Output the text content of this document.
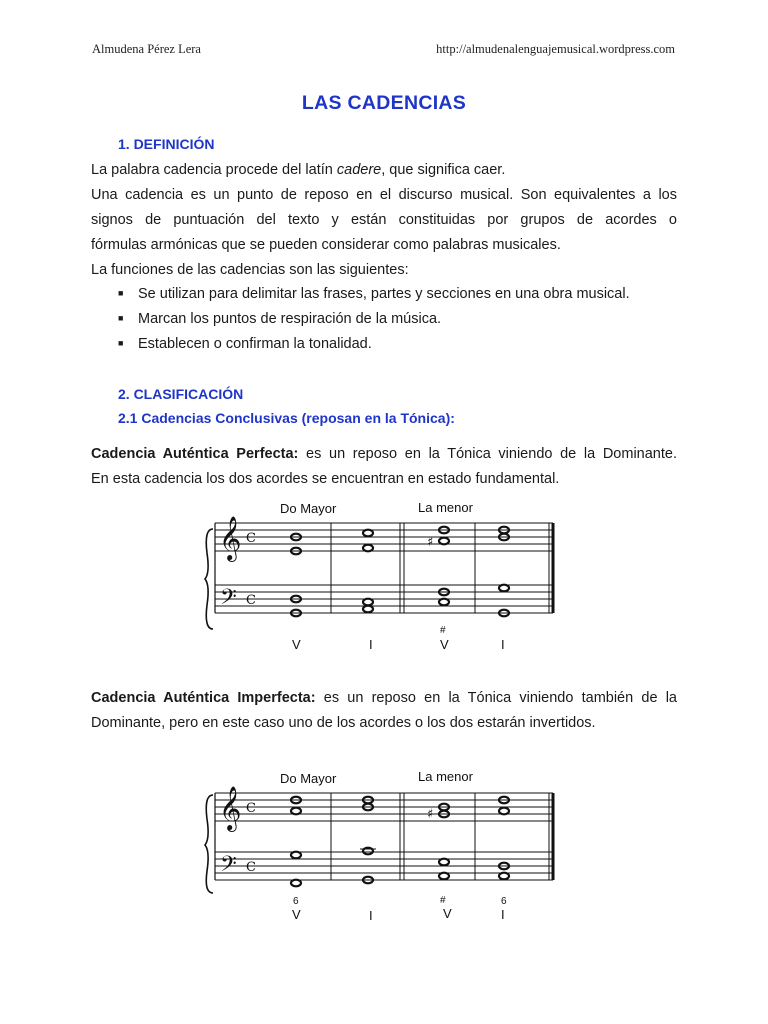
Almudena Pérez Lera	http://almudenalenguajemusical.wordpress.com
LAS CADENCIAS
1. DEFINICIÓN
La palabra cadencia procede del latín cadere, que significa caer.
Una cadencia es un punto de reposo en el discurso musical. Son equivalentes a los
signos de puntuación del texto y están constituidas por grupos de acordes o
fórmulas armónicas que se pueden considerar como palabras musicales.
La funciones de las cadencias son las siguientes:
■ Se utilizan para delimitar las frases, partes y secciones en una obra musical.
■ Marcan los puntos de respiración de la música.
■ Establecen o confirman la tonalidad.
2. CLASIFICACIÓN
2.1 Cadencias Conclusivas (reposan en la Tónica):
Cadencia Auténtica Perfecta: es un reposo en la Tónica viniendo de la Dominante.
En esta cadencia los dos acordes se encuentran en estado fundamental.
Do Mayor	La menor
𝄞
𝄢
C
C
♯
#
V	I	V	I
Cadencia Auténtica Imperfecta: es un reposo en la Tónica viniendo también de la
Dominante, pero en este caso uno de los acordes o los dos estarán invertidos.
Do Mayor	La menor
𝄞
𝄢
C
C
♯
6	#	6
V	I	V	I
